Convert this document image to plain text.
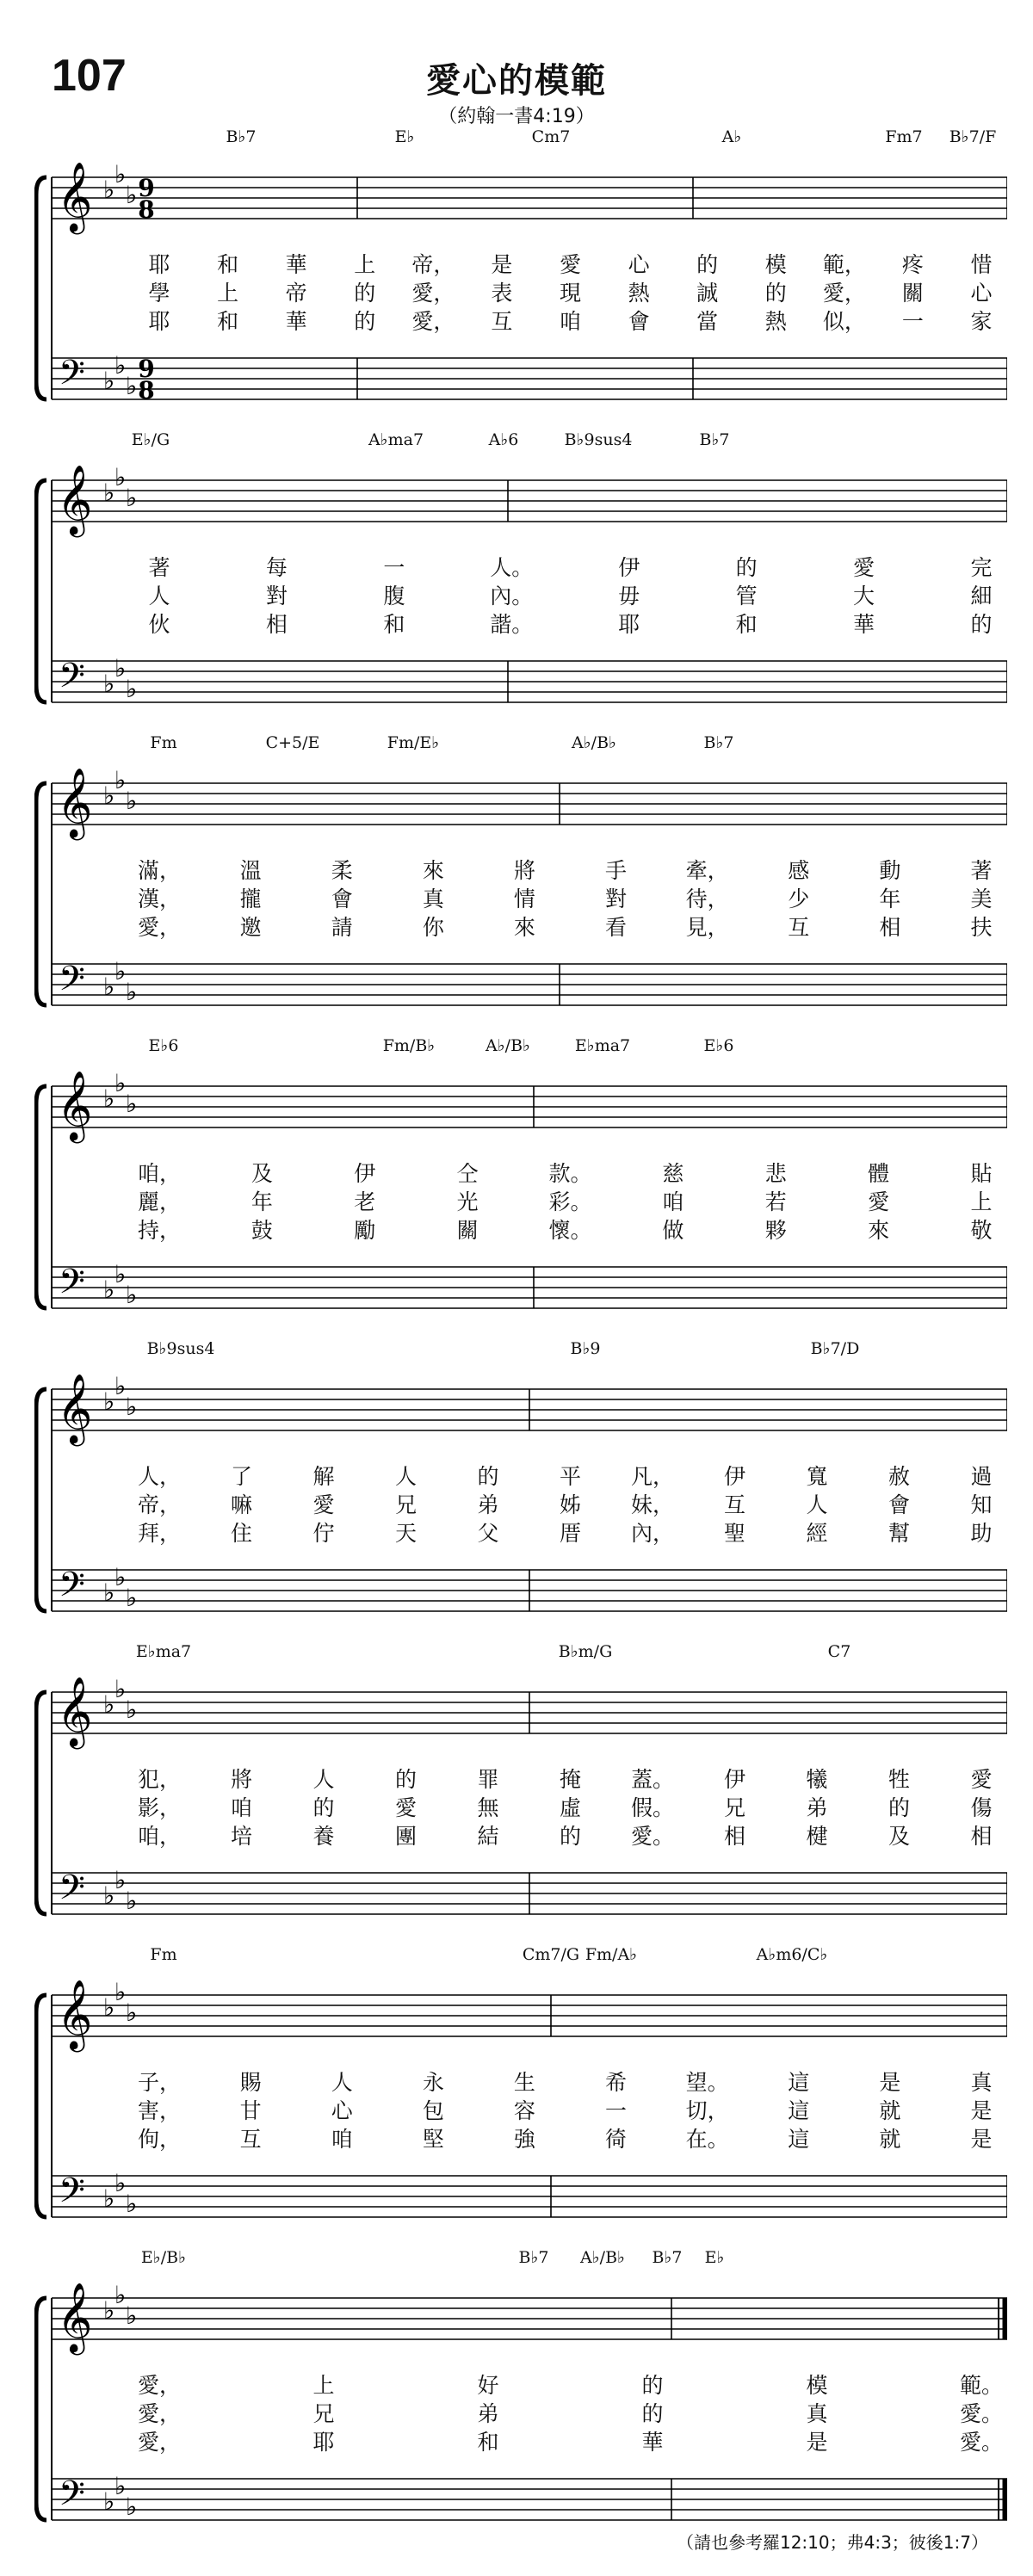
107	愛心的模範
（約翰一書4:19）
𝄞
𝄢
♭
♭
♭
♭
♭
♭
9
8
9
8
B♭7	E♭	Cm7	A♭	Fm7 B♭7/F
耶 和 華 上 帝， 是 愛 心 的 模 範， 疼 惜
學 上 帝 的 愛， 表 現 熱 誠 的 愛， 關 心
耶 和 華 的 愛， 互 咱 會 當 熱 似， 一 家
𝄞
𝄢
♭
♭
♭
♭
♭
♭
E♭/G	A♭ma7	A♭6	B♭9sus4	B♭7
著	每	一	人。	伊	的	愛	完
人	對	腹	內。	毋	管	大	細
伙	相	和	諧。	耶	和	華	的
𝄞
𝄢
♭
♭
♭
♭
♭
♭
Fm	C+5/E	Fm/E♭	A♭/B♭	B♭7
滿，	溫	柔	來	將	手	牽，	感	動	著
漢，	攏	會	真	情	對	待，	少	年	美
愛，	邀	請	你	來	看	見，	互	相	扶
𝄞
𝄢
♭
♭
♭
♭
♭
♭
E♭6	Fm/B♭	A♭/B♭	E♭ma7	E♭6
咱，	及	伊	仝	款。	慈	悲	體	貼
麗，	年	老	光	彩。	咱	若	愛	上
持，	鼓	勵	關	懷。	做	夥	來	敬
𝄞
𝄢
♭
♭
♭
♭
♭
♭
B♭9sus4	B♭9	B♭7/D
人， 了	解	人	的	平 凡， 伊	寬	赦	過
帝， 嘛	愛	兄	弟	姊 妹， 互	人	會	知
拜， 住	佇	天	父	厝 內， 聖	經	幫	助
𝄞
𝄢
♭
♭
♭
♭
♭
♭
E♭ma7	B♭m/G	C7
犯， 將	人	的	罪	掩 蓋。 伊	犧	牲	愛
影， 咱	的	愛	無	虛 假。 兄	弟	的	傷
咱， 培	養	團	結	的 愛。 相	楗	及	相
𝄞
𝄢
♭
♭
♭
♭
♭
♭
Fm	Cm7/G Fm/A♭	A♭m6/C♭
子，	賜	人	永	生	希	望。	這	是	真
害，	甘	心	包	容	一	切，	這	就	是
佝，	互	咱	堅	強	徛	在。	這	就	是
𝄞
𝄢
♭
♭
♭
♭
♭
♭
E♭/B♭	B♭7 A♭/B♭ B♭7 E♭
愛，	上	好	的	模	範。
愛，	兄	弟	的	真	愛。
愛，	耶	和	華	是	愛。
（請也參考羅12:10；弗4:3；彼後1:7）
